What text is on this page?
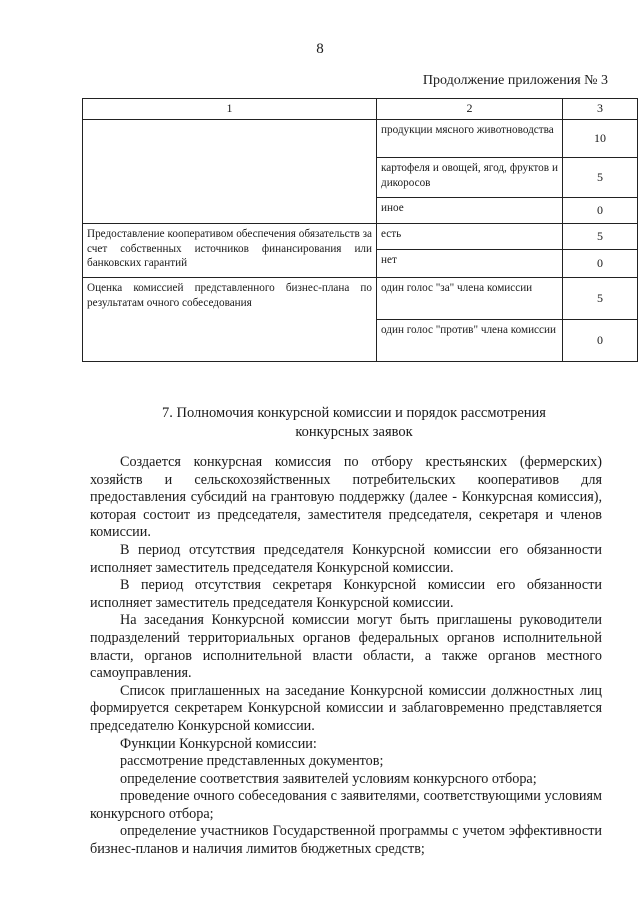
8
Продолжение приложения № 3
1	2	3
	продукции мясного животноводства	10
	картофеля и овощей, ягод, фруктов и дикоросов	5
	иное	0
Предоставление кооперативом обеспечения обязательств за счет собственных источников финансирования или банковских гарантий	есть	5
	нет	0
Оценка комиссией представленного бизнес-плана по результатам очного собеседования	один голос "за" члена комиссии	5
	один голос "против" члена комиссии	0
7. Полномочия конкурсной комиссии и порядок рассмотрения
конкурсных заявок

Создается конкурсная комиссия по отбору крестьянских (фермерских) хозяйств и сельскохозяйственных потребительских кооперативов для предоставления субсидий на грантовую поддержку (далее - Конкурсная комиссия), которая состоит из председателя, заместителя председателя, секретаря и членов комиссии.

В период отсутствия председателя Конкурсной комиссии его обязанности исполняет заместитель председателя Конкурсной комиссии.

В период отсутствия секретаря Конкурсной комиссии его обязанности исполняет заместитель председателя Конкурсной комиссии.

На заседания Конкурсной комиссии могут быть приглашены руководители подразделений территориальных органов федеральных органов исполнительной власти, органов исполнительной власти области, а также органов местного самоуправления.

Список приглашенных на заседание Конкурсной комиссии должностных лиц формируется секретарем Конкурсной комиссии и заблаговременно представляется председателю Конкурсной комиссии.

Функции Конкурсной комиссии:

рассмотрение представленных документов;

определение соответствия заявителей условиям конкурсного отбора;

проведение очного собеседования с заявителями, соответствующими условиям конкурсного отбора;

определение участников Государственной программы с учетом эффективности бизнес-планов и наличия лимитов бюджетных средств;
